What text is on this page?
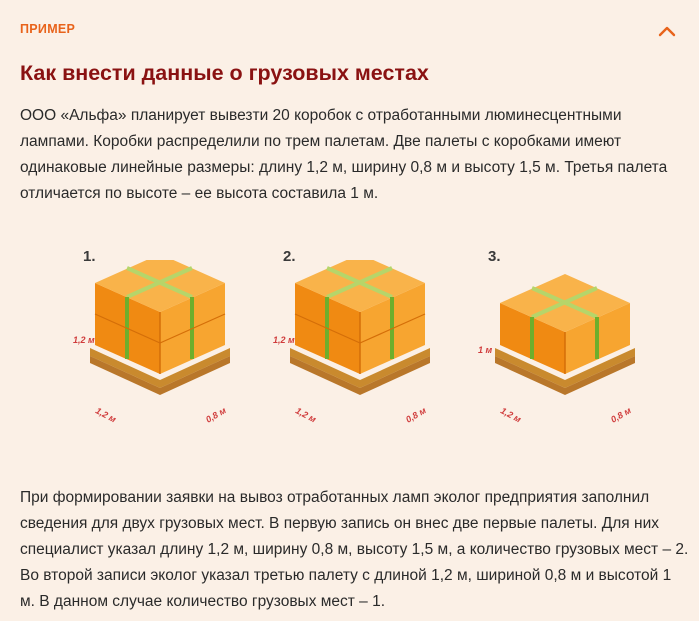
ПРИМЕР
Как внести данные о грузовых местах

ООО «Альфа» планирует вывезти 20 коробок с отработанными люминесцентными лампами. Коробки распределили по трем палетам. Две палеты с коробками имеют одинаковые линейные размеры: длину 1,2 м, ширину 0,8 м и высоту 1,5 м. Третья палета отличается по высоте – ее высота составила 1 м.

1.
1,2 м
1,2 м	0,8 м
2.
1,2 м
1,2 м	0,8 м
3.
1 м
1,2 м	0,8 м

При формировании заявки на вывоз отработанных ламп эколог предприятия заполнил сведения для двух грузовых мест. В первую запись он внес две первые палеты. Для них специалист указал длину 1,2 м, ширину 0,8 м, высоту 1,5 м, а количество грузовых мест – 2. Во второй записи эколог указал третью палету с длиной 1,2 м, шириной 0,8 м и высотой 1 м. В данном случае количество грузовых мест – 1.
